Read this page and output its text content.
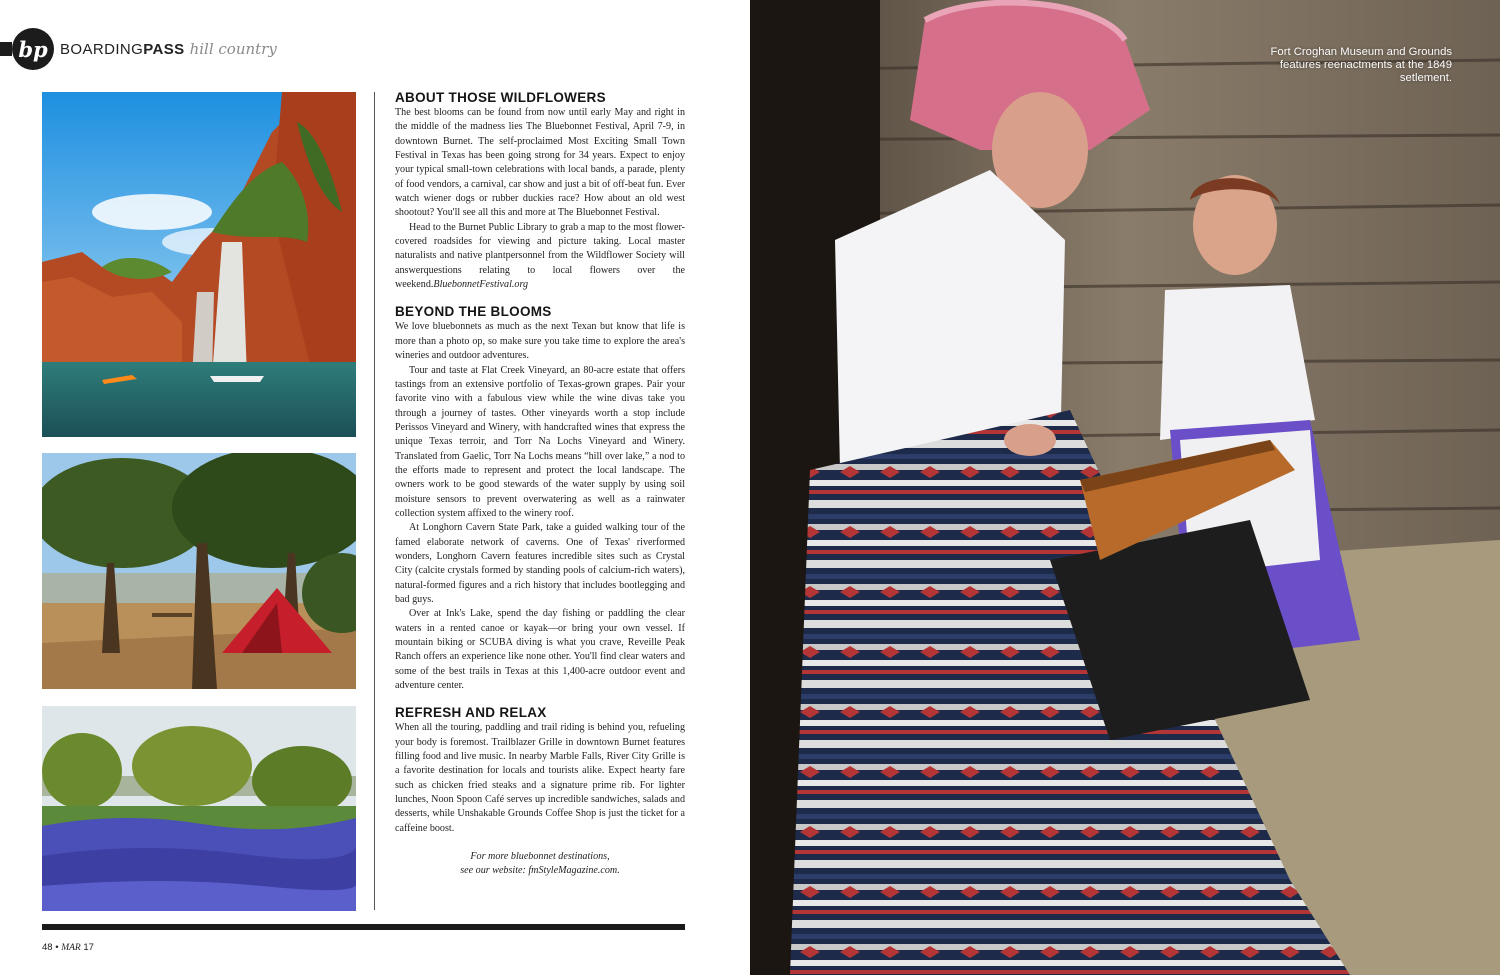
bp BOARDINGPASS hill country
ABOUT THOSE WILDFLOWERS

The best blooms can be found from now until early May and right in the middle of the madness lies The Bluebonnet Festival, April 7-9, in downtown Burnet. The self-proclaimed Most Exciting Small Town Festival in Texas has been going strong for 34 years. Expect to enjoy your typical small-town celebrations with local bands, a parade, plenty of food vendors, a carnival, car show and just a bit of off-beat fun. Ever watch wiener dogs or rubber duckies race? How about an old west shootout? You'll see all this and more at The Bluebonnet Festival.

Head to the Burnet Public Library to grab a map to the most flower-covered roadsides for viewing and picture taking. Local master naturalists and native plantpersonnel from the Wildflower Society will answerquestions relating to local flowers over the weekend.BluebonnetFestival.org

BEYOND THE BLOOMS

We love bluebonnets as much as the next Texan but know that life is more than a photo op, so make sure you take time to explore the area's wineries and outdoor adventures.

Tour and taste at Flat Creek Vineyard, an 80-acre estate that offers tastings from an extensive portfolio of Texas-grown grapes. Pair your favorite vino with a fabulous view while the wine divas take you through a journey of tastes. Other vineyards worth a stop include Perissos Vineyard and Winery, with handcrafted wines that express the unique Texas terroir, and Torr Na Lochs Vineyard and Winery. Translated from Gaelic, Torr Na Lochs means “hill over lake,” a nod to the efforts made to represent and protect the local landscape. The owners work to be good stewards of the water supply by using soil moisture sensors to prevent overwatering as well as a rainwater collection system affixed to the winery roof.

At Longhorn Cavern State Park, take a guided walking tour of the famed elaborate network of caverns. One of Texas' riverformed wonders, Longhorn Cavern features incredible sites such as Crystal City (calcite crystals formed by standing pools of calcium-rich waters), natural-formed figures and a rich history that includes bootlegging and bad guys.

Over at Ink's Lake, spend the day fishing or paddling the clear waters in a rented canoe or kayak—or bring your own vessel. If mountain biking or SCUBA diving is what you crave, Reveille Peak Ranch offers an experience like none other. You'll find clear waters and some of the best trails in Texas at this 1,400-acre outdoor event and adventure center.

REFRESH AND RELAX

When all the touring, paddling and trail riding is behind you, refueling your body is foremost. Trailblazer Grille in downtown Burnet features filling food and live music. In nearby Marble Falls, River City Grille is a favorite destination for locals and tourists alike. Expect hearty fare such as chicken fried steaks and a signature prime rib. For lighter lunches, Noon Spoon Café serves up incredible sandwiches, salads and desserts, while Unshakable Grounds Coffee Shop is just the ticket for a caffeine boost.

For more bluebonnet destinations,
see our website: fmStyleMagazine.com.
48 • MAR 17
Fort Croghan Museum and Grounds features reenactments at the 1849 setlement.
